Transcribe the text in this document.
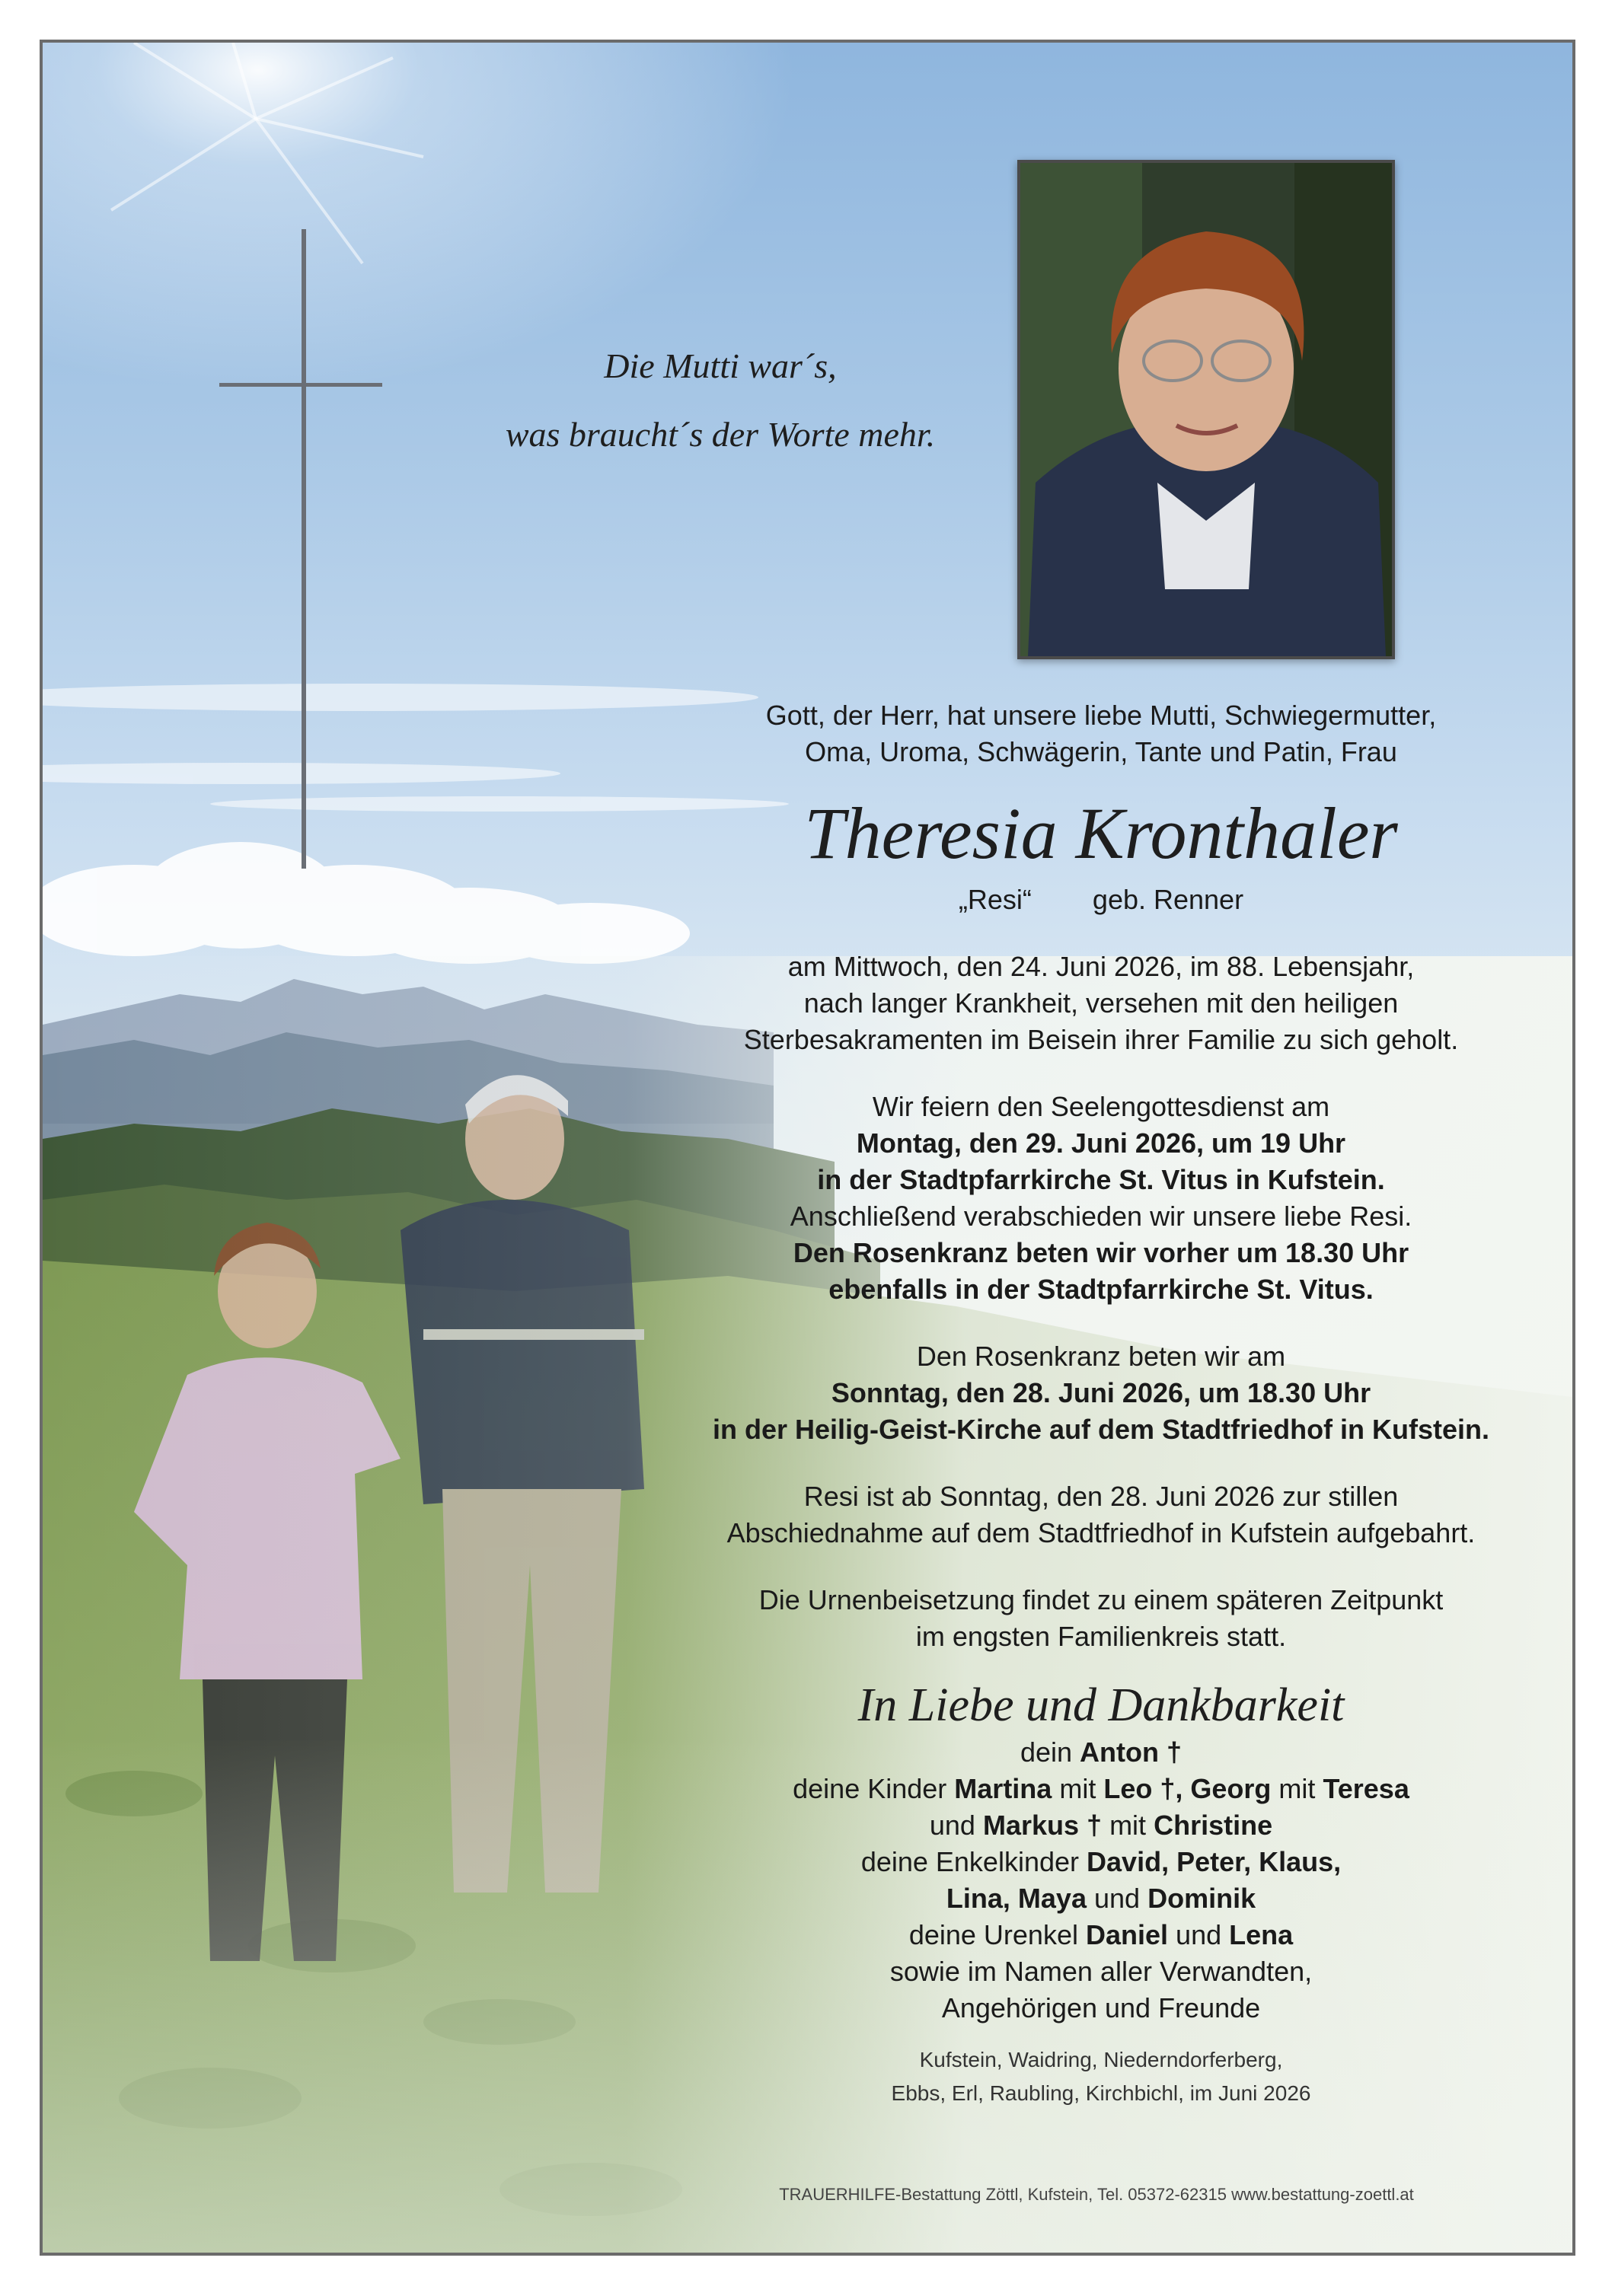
Die Mutti war´s,
was braucht´s der Worte mehr.
Gott, der Herr, hat unsere liebe Mutti, Schwiegermutter,
Oma, Uroma, Schwägerin, Tante und Patin, Frau
Theresia Kronthaler
„Resi“ geb. Renner
am Mittwoch, den 24. Juni 2026, im 88. Lebensjahr,
nach langer Krankheit, versehen mit den heiligen
Sterbesakramenten im Beisein ihrer Familie zu sich geholt.
Wir feiern den Seelengottesdienst am
Montag, den 29. Juni 2026, um 19 Uhr
in der Stadtpfarrkirche St. Vitus in Kufstein.
Anschließend verabschieden wir unsere liebe Resi.
Den Rosenkranz beten wir vorher um 18.30 Uhr
ebenfalls in der Stadtpfarrkirche St. Vitus.
Den Rosenkranz beten wir am
Sonntag, den 28. Juni 2026, um 18.30 Uhr
in der Heilig-Geist-Kirche auf dem Stadtfriedhof in Kufstein.
Resi ist ab Sonntag, den 28. Juni 2026 zur stillen
Abschiednahme auf dem Stadtfriedhof in Kufstein aufgebahrt.
Die Urnenbeisetzung findet zu einem späteren Zeitpunkt
im engsten Familienkreis statt.
In Liebe und Dankbarkeit
dein Anton †
deine Kinder Martina mit Leo †, Georg mit Teresa
und Markus † mit Christine
deine Enkelkinder David, Peter, Klaus,
Lina, Maya und Dominik
deine Urenkel Daniel und Lena
sowie im Namen aller Verwandten,
Angehörigen und Freunde
Kufstein, Waidring, Niederndorferberg,
Ebbs, Erl, Raubling, Kirchbichl, im Juni 2026
TRAUERHILFE-Bestattung Zöttl, Kufstein, Tel. 05372-62315 www.bestattung-zoettl.at
